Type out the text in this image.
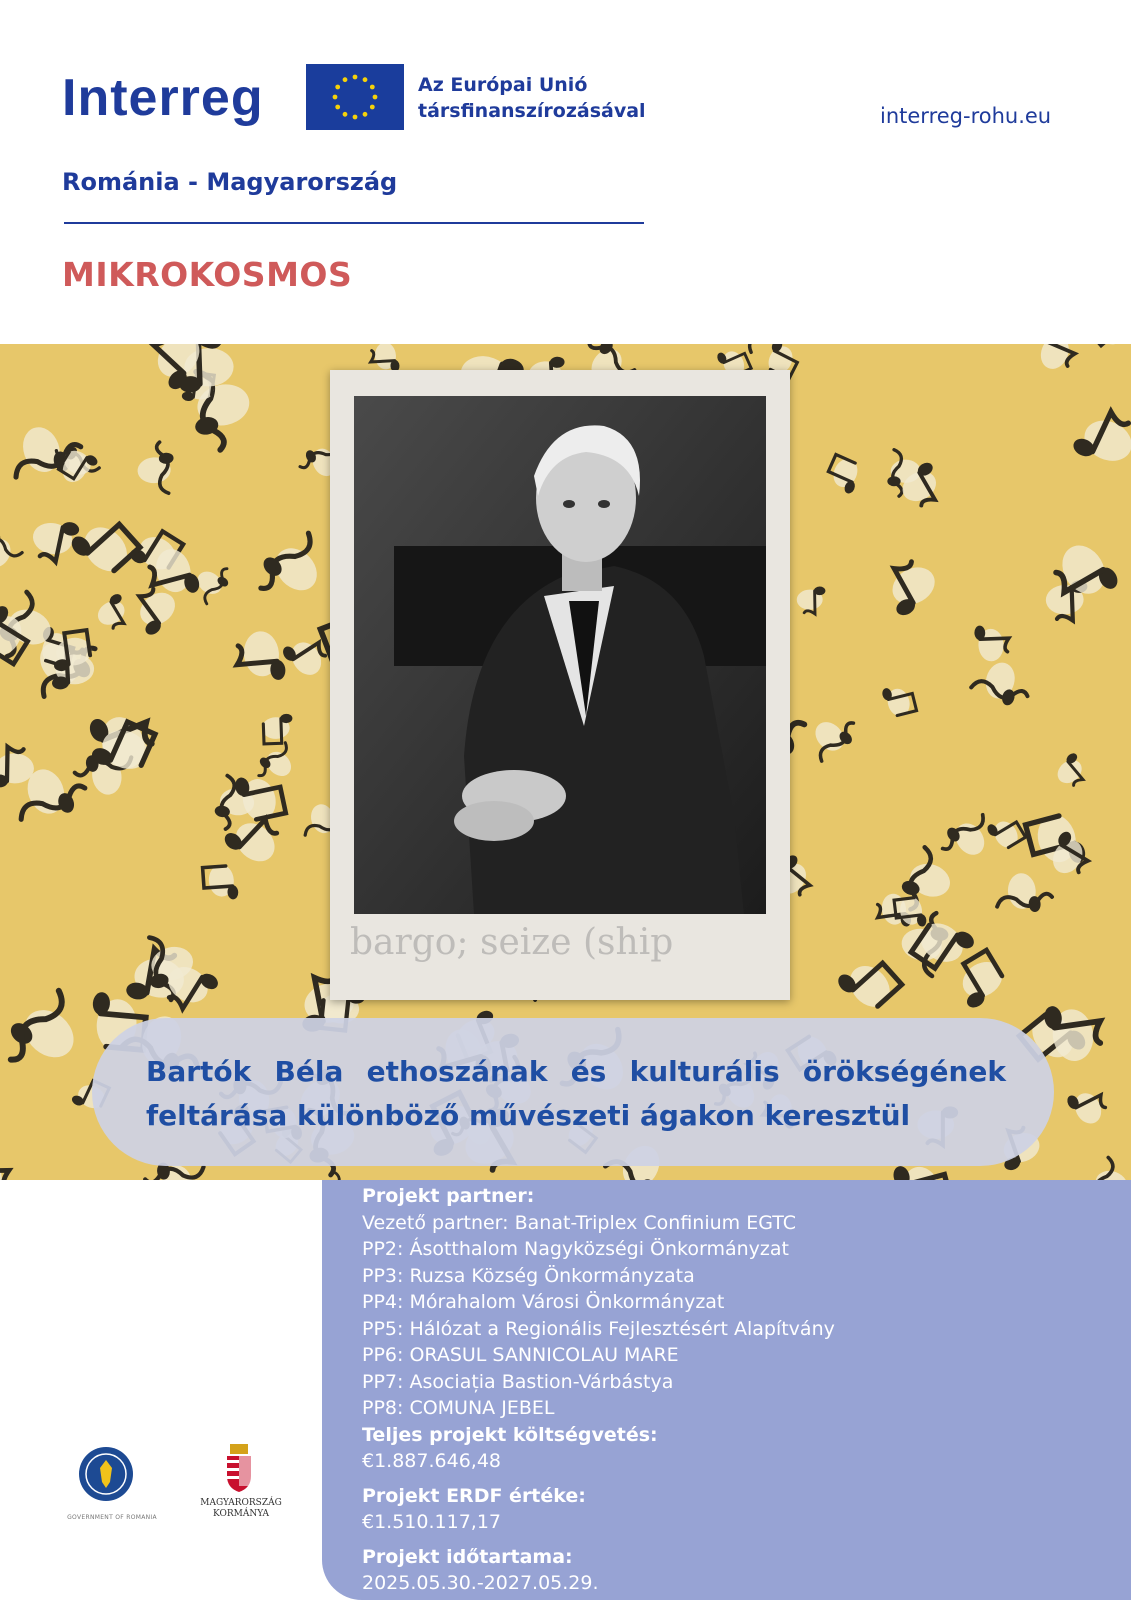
Interreg	Az Európai Unió
társfinanszírozásával	interreg-rohu.eu
Románia - Magyarország
MIKROKOSMOS
bargo; seize (ship
Bartók Béla ethoszának és kulturális örökségének
feltárása különböző művészeti ágakon keresztül
Projekt partner:
Vezető partner: Banat-Triplex Confinium EGTC
PP2: Ásotthalom Nagyközségi Önkormányzat
PP3: Ruzsa Község Önkormányzata
PP4: Mórahalom Városi Önkormányzat
PP5: Hálózat a Regionális Fejlesztésért Alapítvány
PP6: ORASUL SANNICOLAU MARE
PP7: Asociația Bastion-Várbástya
PP8: COMUNA JEBEL
Teljes projekt költségvetés:
€1.887.646,48
Projekt ERDF értéke:
€1.510.117,17
Projekt időtartama:
2025.05.30.-2027.05.29.
GOVERNMENT OF ROMANIA
MAGYARORSZÁG
KORMÁNYA
